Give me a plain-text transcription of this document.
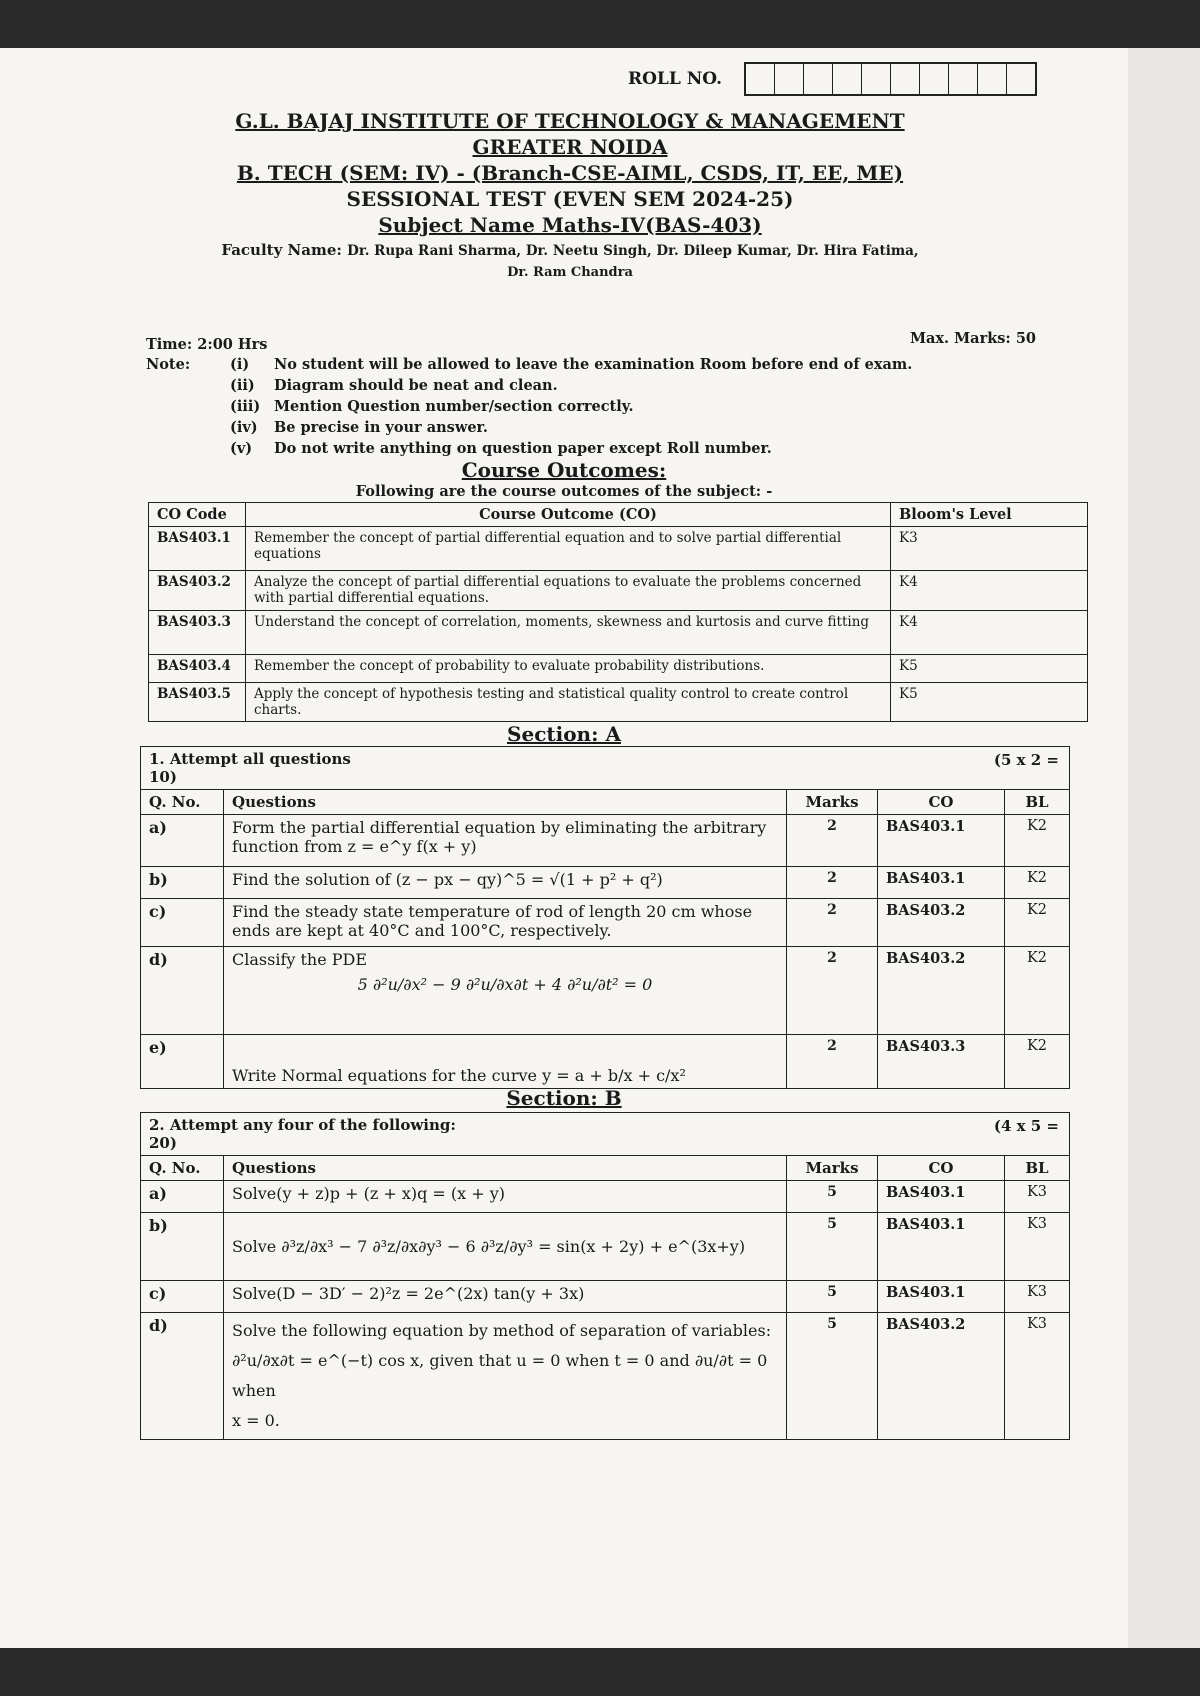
ROLL NO.
G.L. BAJAJ INSTITUTE OF TECHNOLOGY & MANAGEMENT
GREATER NOIDA
B. TECH (SEM: IV) - (Branch-CSE-AIML, CSDS, IT, EE, ME)
SESSIONAL TEST (EVEN SEM 2024-25)
Subject Name Maths-IV(BAS-403)
Faculty Name: Dr. Rupa Rani Sharma, Dr. Neetu Singh, Dr. Dileep Kumar, Dr. Hira Fatima,
Dr. Ram Chandra
Time: 2:00 Hrs	Max. Marks: 50
Note:	(i)	No student will be allowed to leave the examination Room before end of exam.
(ii)	Diagram should be neat and clean.
(iii) Mention Question number/section correctly.
(iv)	Be precise in your answer.
(v)	Do not write anything on question paper except Roll number.
Course Outcomes:
Following are the course outcomes of the subject: -
CO Code	Course Outcome (CO)	Bloom's Level
BAS403.1	Remember the concept of partial differential equation and to solve partial differential equations	K3
BAS403.2	Analyze the concept of partial differential equations to evaluate the problems concerned with partial differential equations.	K4
BAS403.3	Understand the concept of correlation, moments, skewness and kurtosis and curve fitting	K4
BAS403.4	Remember the concept of probability to evaluate probability distributions.	K5
BAS403.5	Apply the concept of hypothesis testing and statistical quality control to create control charts.	K5
Section: A
1. Attempt all questions
10)
(5 x 2 =				

Q. No.	Questions	Marks	CO	BL
a)	Form the partial differential equation by eliminating the arbitrary function from z = e^y f(x + y)	2	BAS403.1	K2
b)	Find the solution of (z − px − qy)^5 = √(1 + p² + q²)	2	BAS403.1	K2
c)	Find the steady state temperature of rod of length 20 cm whose ends are kept at 40°C and 100°C, respectively.	2	BAS403.2	K2
d)	Classify the PDE
5 ∂²u/∂x² − 9 ∂²u/∂x∂t + 4 ∂²u/∂t² = 0	2	BAS403.2	K2
e)	Write Normal equations for the curve y = a + b/x + c/x²	2	BAS403.3	K2
Section: B
2. Attempt any four of the following:
20)
(4 x 5 =				

Q. No.	Questions	Marks	CO	BL
a)	Solve(y + z)p + (z + x)q = (x + y)	5	BAS403.1	K3
b)	Solve ∂³z/∂x³ − 7 ∂³z/∂x∂y³ − 6 ∂³z/∂y³ = sin(x + 2y) + e^(3x+y)	5	BAS403.1	K3
c)	Solve(D − 3D′ − 2)²z = 2e^(2x) tan(y + 3x)	5	BAS403.1	K3
d)	Solve the following equation by method of separation of variables:
∂²u/∂x∂t = e^(−t) cos x, given that u = 0 when t = 0 and ∂u/∂t = 0 when
x = 0.	5	BAS403.2	K3
